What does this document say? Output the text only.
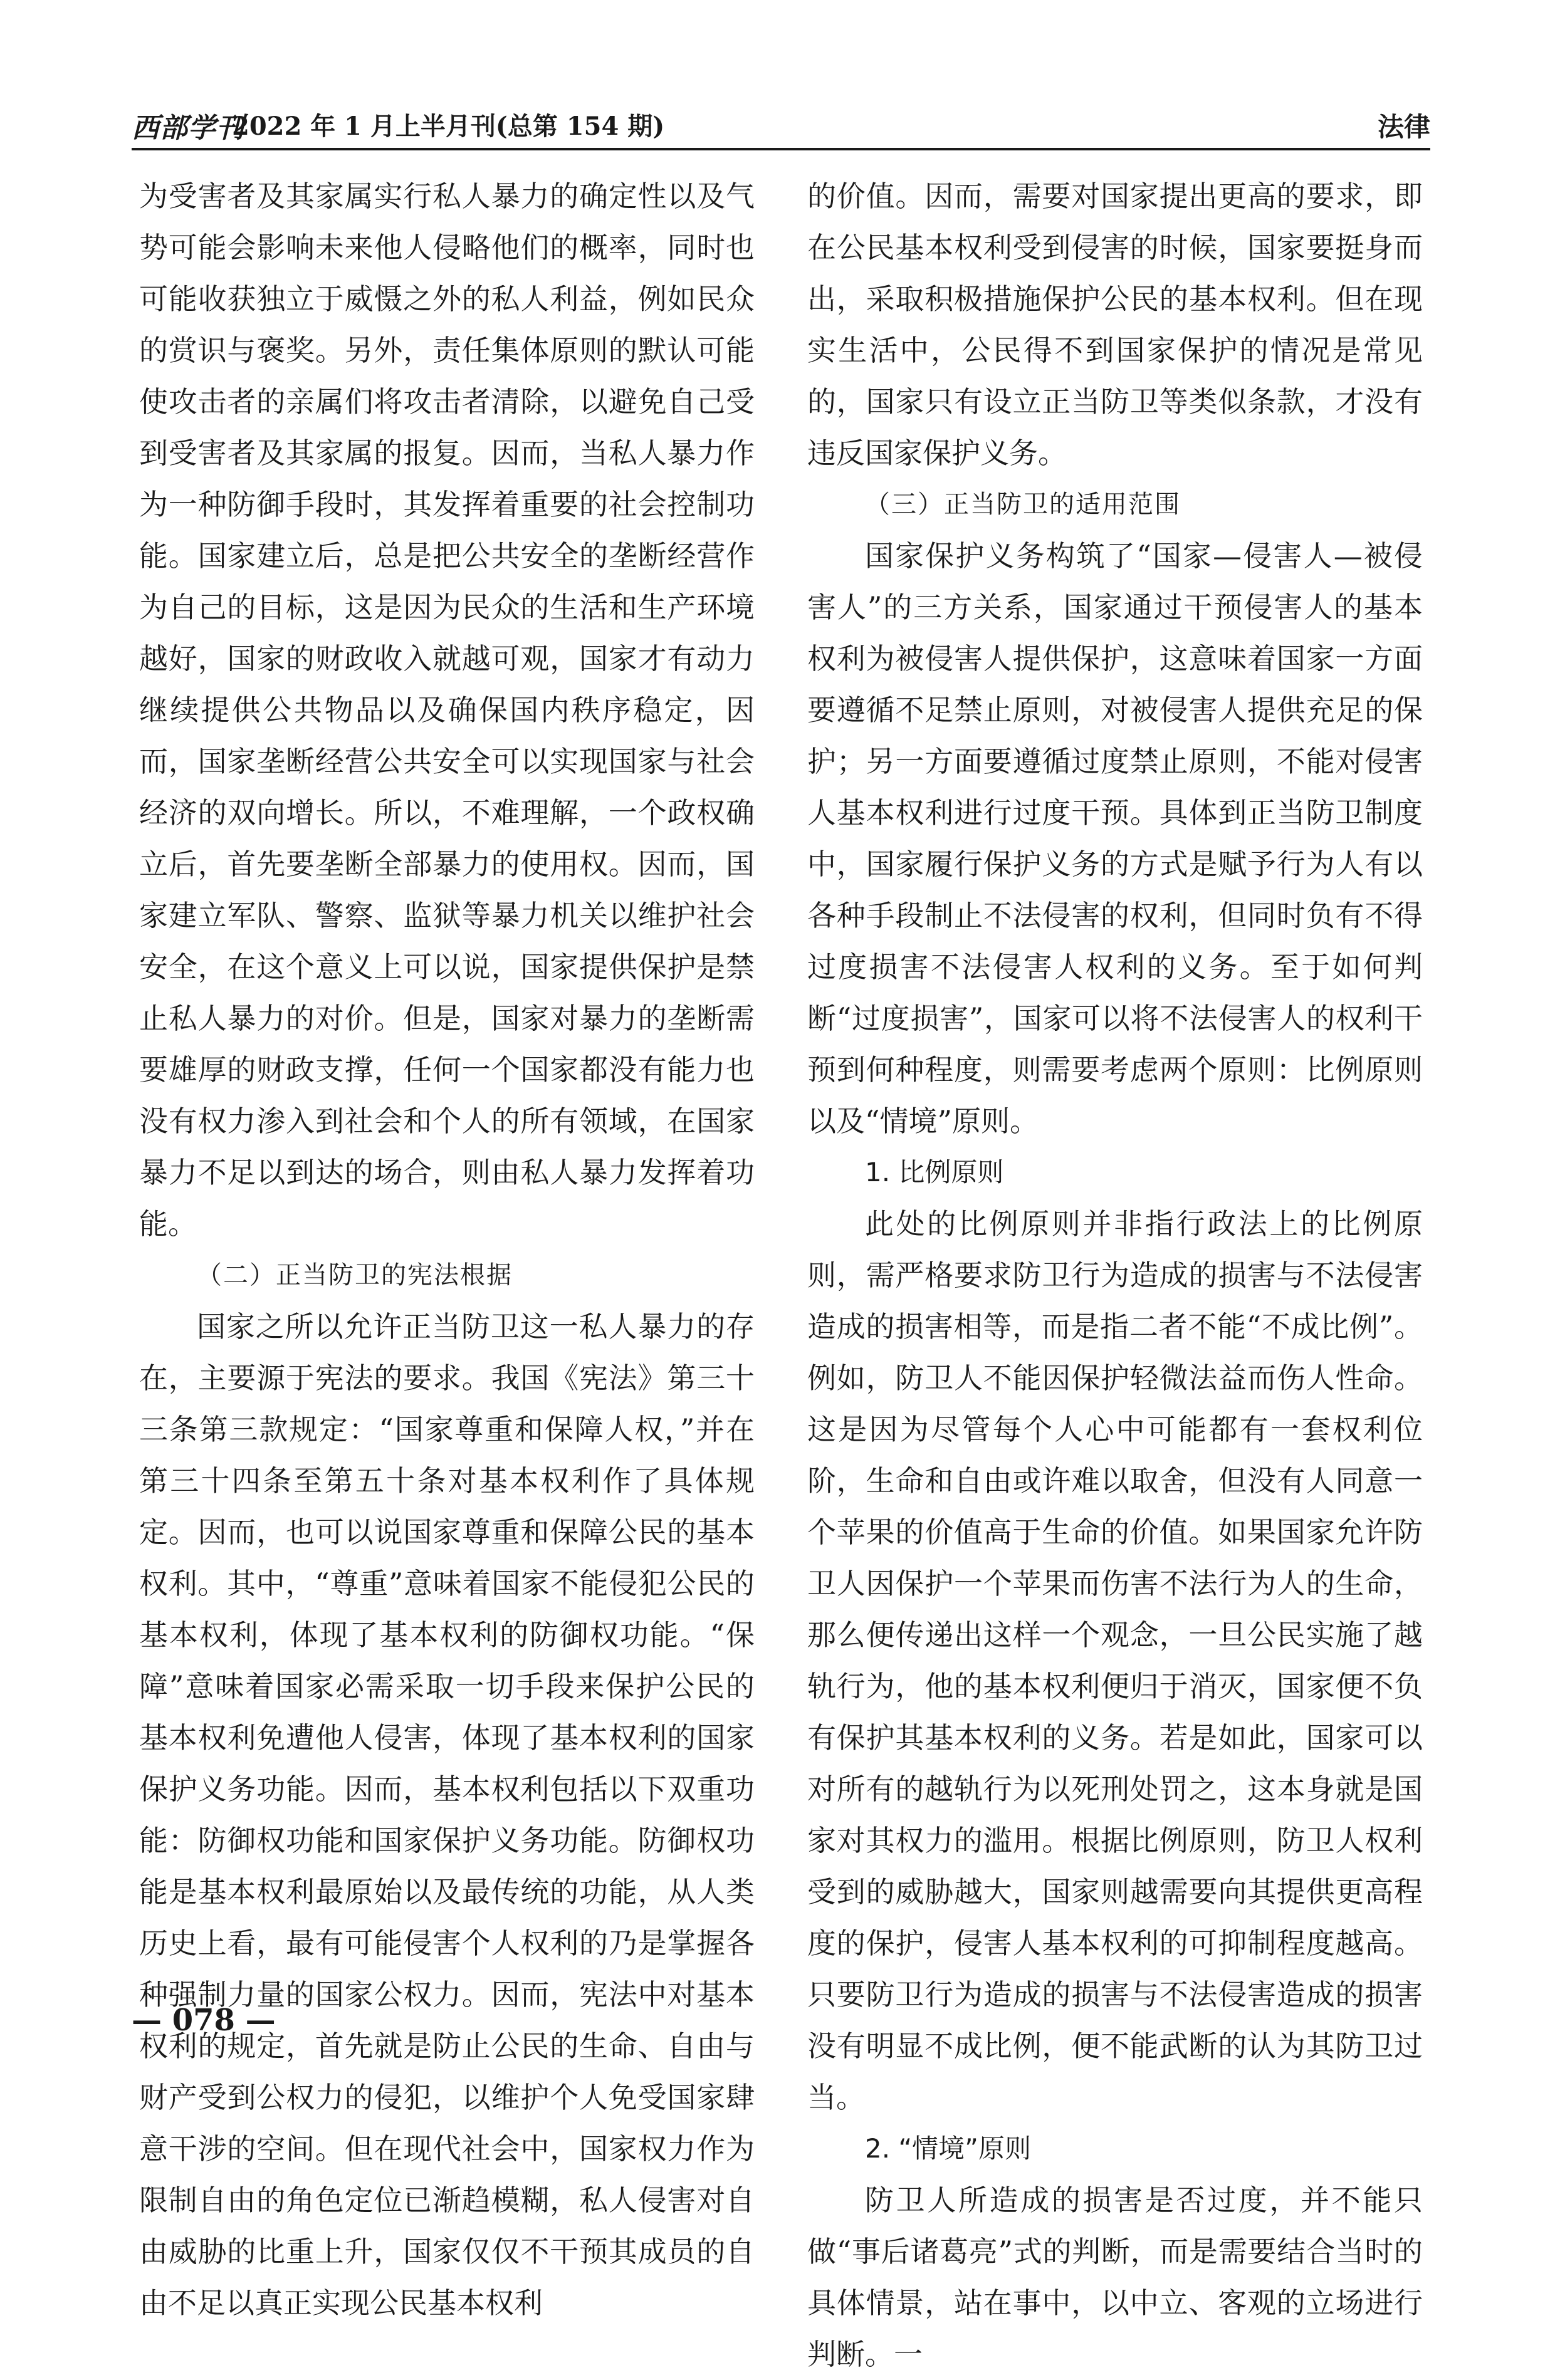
西部学刊
2022 年 1 月上半月刊(总第 154 期)	法律

为受害者及其家属实行私人暴力的确定性以及气势可能会影响未来他人侵略他们的概率，同时也可能收获独立于威慑之外的私人利益，例如民众的赏识与褒奖。另外，责任集体原则的默认可能使攻击者的亲属们将攻击者清除，以避免自己受到受害者及其家属的报复。因而，当私人暴力作为一种防御手段时，其发挥着重要的社会控制功能。国家建立后，总是把公共安全的垄断经营作为自己的目标，这是因为民众的生活和生产环境越好，国家的财政收入就越可观，国家才有动力继续提供公共物品以及确保国内秩序稳定，因而，国家垄断经营公共安全可以实现国家与社会经济的双向增长。所以，不难理解，一个政权确立后，首先要垄断全部暴力的使用权。因而，国家建立军队、警察、监狱等暴力机关以维护社会安全，在这个意义上可以说，国家提供保护是禁止私人暴力的对价。但是，国家对暴力的垄断需要雄厚的财政支撑，任何一个国家都没有能力也没有权力渗入到社会和个人的所有领域，在国家暴力不足以到达的场合，则由私人暴力发挥着功能。

（二）正当防卫的宪法根据

国家之所以允许正当防卫这一私人暴力的存在，主要源于宪法的要求。我国《宪法》第三十三条第三款规定：“国家尊重和保障人权，”并在第三十四条至第五十条对基本权利作了具体规定。因而，也可以说国家尊重和保障公民的基本权利。其中，“尊重”意味着国家不能侵犯公民的基本权利，体现了基本权利的防御权功能。“保障”意味着国家必需采取一切手段来保护公民的基本权利免遭他人侵害，体现了基本权利的国家保护义务功能。因而，基本权利包括以下双重功能：防御权功能和国家保护义务功能。防御权功能是基本权利最原始以及最传统的功能，从人类历史上看，最有可能侵害个人权利的乃是掌握各种强制力量的国家公权力。因而，宪法中对基本权利的规定，首先就是防止公民的生命、自由与财产受到公权力的侵犯，以维护个人免受国家肆意干涉的空间。但在现代社会中，国家权力作为限制自由的角色定位已渐趋模糊，私人侵害对自由威胁的比重上升，国家仅仅不干预其成员的自由不足以真正实现公民基本权利

的价值。因而，需要对国家提出更高的要求，即在公民基本权利受到侵害的时候，国家要挺身而出，采取积极措施保护公民的基本权利。但在现实生活中，公民得不到国家保护的情况是常见的，国家只有设立正当防卫等类似条款，才没有违反国家保护义务。

（三）正当防卫的适用范围

国家保护义务构筑了“国家—侵害人—被侵害人”的三方关系，国家通过干预侵害人的基本权利为被侵害人提供保护，这意味着国家一方面要遵循不足禁止原则，对被侵害人提供充足的保护；另一方面要遵循过度禁止原则，不能对侵害人基本权利进行过度干预。具体到正当防卫制度中，国家履行保护义务的方式是赋予行为人有以各种手段制止不法侵害的权利，但同时负有不得过度损害不法侵害人权利的义务。至于如何判断“过度损害”，国家可以将不法侵害人的权利干预到何种程度，则需要考虑两个原则：比例原则以及“情境”原则。

1. 比例原则

此处的比例原则并非指行政法上的比例原则，需严格要求防卫行为造成的损害与不法侵害造成的损害相等，而是指二者不能“不成比例”。例如，防卫人不能因保护轻微法益而伤人性命。这是因为尽管每个人心中可能都有一套权利位阶，生命和自由或许难以取舍，但没有人同意一个苹果的价值高于生命的价值。如果国家允许防卫人因保护一个苹果而伤害不法行为人的生命，那么便传递出这样一个观念，一旦公民实施了越轨行为，他的基本权利便归于消灭，国家便不负有保护其基本权利的义务。若是如此，国家可以对所有的越轨行为以死刑处罚之，这本身就是国家对其权力的滥用。根据比例原则，防卫人权利受到的威胁越大，国家则越需要向其提供更高程度的保护，侵害人基本权利的可抑制程度越高。只要防卫行为造成的损害与不法侵害造成的损害没有明显不成比例，便不能武断的认为其防卫过当。

2. “情境”原则

防卫人所造成的损害是否过度，并不能只做“事后诸葛亮”式的判断，而是需要结合当时的具体情景，站在事中，以中立、客观的立场进行判断。一

— 078 —
